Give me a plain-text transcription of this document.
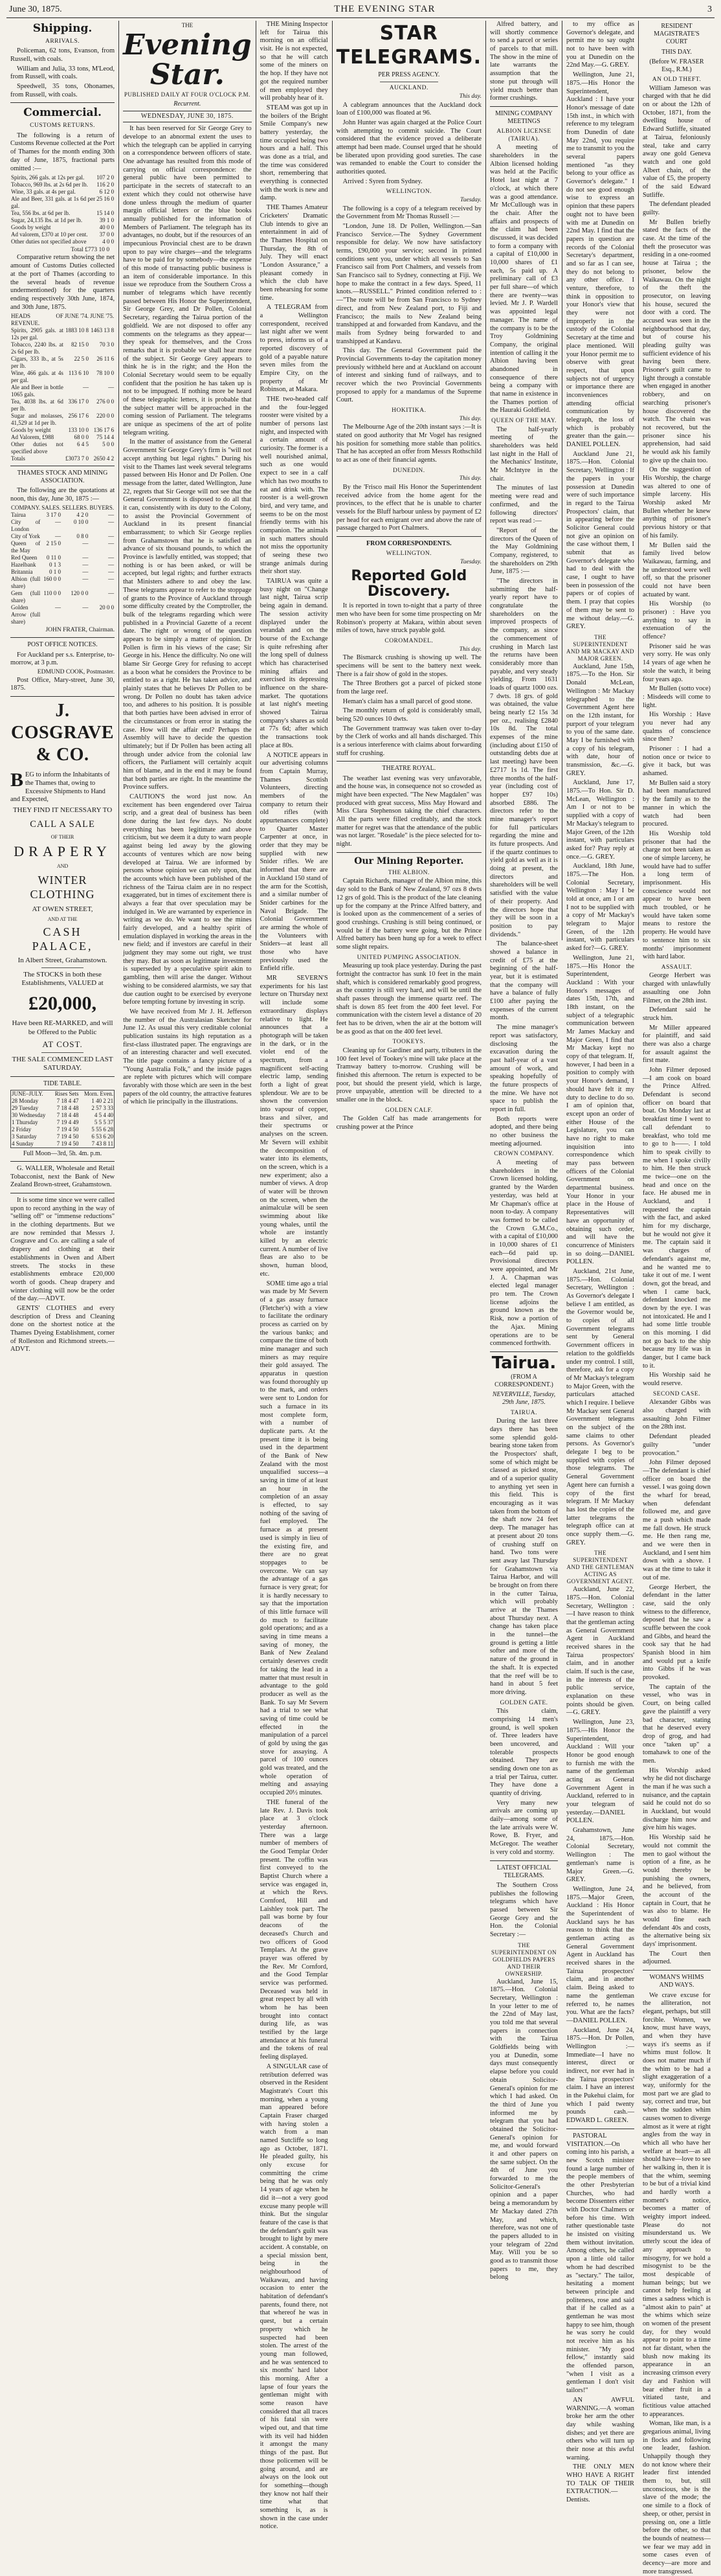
June 30, 1875.	THE EVENING STAR	3
Shipping.
ARRIVALS.

Policeman, 62 tons, Evanson, from Russell, with coals.

William and Julia, 33 tons, M'Leod, from Russell, with coals.

Speedwell, 35 tons, Ohonames, from Russell, with coals.

Commercial.
CUSTOMS RETURNS.

The following is a return of Customs Revenue collected at the Port of Thames for the month ending 30th day of June, 1875, fractional parts omitted :—

Spirits, 266 gals. at 12s per gal.	107 2 0
Tobacco, 969 lbs. at 2s 6d per lb.	116 2 0
Wine, 33 gals. at 4s per gal.	6 12 0
Ale and Beer, 331 gals. at 1s 6d per gal.	25 16 0
Tea, 556 lbs. at 6d per lb.	15 14 0
Sugar, 24,135 lbs. at 1d per lb.	39 1 0
Goods by weight	40 0 0
Ad valorem, £370 at 10 per cent.	37 0 0
Other duties not specified above	4 0 0
Total £773 10 0

Comparative return showing the net amount of Customs Duties collected at the port of Thames (according to the several heads of revenue undermentioned) for the quarters ending respectively 30th June, 1874, and 30th June, 1875.

HEADS OF REVENUE.	JUNE '74.	JUNE '75.
Spirits, 2905 gals. at 12s per gal.	1883 10 8	1463 13 8
Tobacco, 2240 lbs. at 2s 6d per lb.	82 15 0	70 3 0
Cigars, 333 lb., at 5s per lb.	22 5 0	26 11 6
Wine, 466 gals. at 4s per gal.	113 6 10	78 10 0
Ale and Beer in bottle 1065 gals.	—	—
Tea, 4038 lbs. at 6d per lb.	336 17 0	276 0 0
Sugar and molasses, 41,529 at 1d per lb.	256 17 6	220 0 0
Goods by weight	133 10 0	136 17 6
Ad Valorem, £988	68 0 0	75 14 4
Other duties not specified above	6 4 5	5 0 0
Totals	£3073 7 0	2650 4 2
THAMES STOCK AND MINING ASSOCIATION.

The following are the quotations at noon, this day, June 30, 1875 :—

COMPANY.	SALES.	SELLERS.	BUYERS.
Tairua	3 17 0	4 2 0	—
City of London	—	0 10 0	—
City of York	—	0 8 0	—
Queen of the May	2 15 0	—	—
Red Queen	0 11 0	—	—
Hazelbank	0 1 3	—	—
Britannia	0 1 0	—	—
Albion (full share)	160 0 0	—	—
Gem (full share)	110 0 0	120 0 0	—
Golden Arrow (full share)	—	—	20 0 0
JOHN FRATER, Chairman.
POST OFFICE NOTICES.

For Auckland per s.s. Enterprise, to-morrow, at 3 p.m.

EDMUND COOK, Postmaster.

Post Office, Mary-street, June 30, 1875.

J. COSGRAVE & CO.

BEG to inform the Inhabitants of the Thames that, owing to Excessive Shipments to Hand and Expected,

THEY FIND IT NECESSARY TO
CALL A SALE
OF THEIR
DRAPERY
AND
WINTER CLOTHING
AT OWEN STREET,
AND AT THE
CASH PALACE,
In Albert Street, Grahamstown.
The STOCKS in both these Establishments, VALUED at
£20,000,
Have been RE-MARKED, and will be Offered to the Public
AT COST.
THE SALE COMMENCED LAST SATURDAY.
TIDE TABLE.
JUNE–JULY.	Rises Sets	Morn. Even.
28 Monday	7 18 4 47	1 40 2 21
29 Tuesday	7 18 4 48	2 57 3 33
30 Wednesday	7 18 4 48	4 5 4 40
1 Thursday	7 19 4 49	5 5 5 37
2 Friday	7 19 4 50	5 55 6 28
3 Saturday	7 19 4 50	6 53 6 20
4 Sunday	7 19 4 50	7 43 8 11
Full Moon—3rd, 5h. 4m. p.m.

G. WALLER, Wholesale and Retail Tobacconist, next the Bank of New Zealand Brown-street, Grahamstown.

It is some time since we were called upon to record anything in the way of "selling off" or "immense reductions" in the clothing departments. But we are now reminded that Messrs J. Cosgrave and Co. are calling a sale of drapery and clothing at their establishments in Owen and Albert streets. The stocks in these establishments embrace £20,000 worth of goods. Cheap drapery and winter clothing will now be the order of the day.—ADVT.

GENTS' CLOTHES and every description of Dress and Cleaning done on the shortest notice at the Thames Dyeing Establishment, corner of Rolleston and Richmond streets.—ADVT.

THE
Evening Star.
PUBLISHED DAILY AT FOUR O'CLOCK P.M.
Recurrent.
WEDNESDAY, JUNE 30, 1875.

It has been reserved for Sir George Grey to develope to an abnormal extent the uses to which the telegraph can be applied in carrying on a correspondence between officers of state. One advantage has resulted from this mode of carrying on official correspondence: the general public have been permitted to participate in the secrets of statecraft to an extent which they could not otherwise have done unless through the medium of quarter margin official letters or the blue books annually published for the information of Members of Parliament. The telegraph has its advantages, no doubt, but if the resources of an impecunious Provincial chest are to be drawn upon to pay wire charges—and the telegrams have to be paid for by somebody—the expense of this mode of transacting public business is an item of considerable importance. In this issue we reproduce from the Southern Cross a number of telegrams which have recently passed between His Honor the Superintendent, Sir George Grey, and Dr Pollen, Colonial Secretary, regarding the Tairua portion of the goldfield. We are not disposed to offer any comments on the telegrams as they appear—they speak for themselves, and the Cross remarks that it is probable we shall hear more of the subject. Sir George Grey appears to think he is in the right; and the Hon the Colonial Secretary would seem to be equally confident that the position he has taken up is not to be impugned. If nothing more be heard of these telegraphic letters, it is probable that the subject matter will be approached in the coming session of Parliament. The telegrams are unique as specimens of the art of polite telegram writing.

In the matter of assistance from the General Government Sir George Grey's firm is "will not accept anything but legal rights." During his visit to the Thames last week several telegrams passed between His Honor and Dr Pollen. One message from the latter, dated Wellington, June 22, regrets that Sir George will not see that the General Government is disposed to do all that it can, consistently with its duty to the Colony, to assist the Provincial Government of Auckland in its present financial embarrassment; to which Sir George replies from Grahamstown that he is satisfied an advance of six thousand pounds, to which the Province is lawfully entitled, was stopped; that nothing is or has been asked, or will be accepted, but legal rights; and further extracts that Ministers adhere to and obey the law. These telegrams appear to refer to the stoppage of grants to the Province of Auckland through some difficulty created by the Comptroller, the bulk of the telegrams regarding which were published in a Provincial Gazette of a recent date. The right or wrong of the question appears to be simply a matter of opinion. Dr Pollen is firm in his views of the case; Sir George in his. Hence the difficulty. No one will blame Sir George Grey for refusing to accept as a boon what he considers the Province to be entitled to as a right. He has taken advice, and plainly states that he believes Dr Pollen to be wrong. Dr Pollen no doubt has taken advice too, and adheres to his position. It is possible that both parties have been advised in error of the circumstances or from error in stating the case. How will the affair end? Perhaps the Assembly will have to decide the question ultimately; but if Dr Pollen has been acting all through under advice from the colonial law officers, the Parliament will certainly acquit him of blame, and in the end it may be found that both parties are right. In the meantime the Province suffers.

CAUTION'S the word just now. An excitement has been engendered over Tairua scrip, and a great deal of business has been done during the last few days. No doubt everything has been legitimate and above criticism, but we deem it a duty to warn people against being led away by the glowing accounts of ventures which are now being developed at Tairua. We are informed by persons whose opinion we can rely upon, that the accounts which have been published of the richness of the Tairua claim are in no respect exaggerated, but in times of excitement there is always a fear that over speculation may be indulged in. We are warranted by experience in writing as we do. We want to see the mines fairly developed, and a healthy spirit of emulation displayed in working the areas in the new field; and if investors are careful in their judgment they may some out right, we trust they may. But as soon as legitimate investment is superseded by a speculative spirit akin to gambling, then will arise the danger. Without wishing to be considered alarmists, we say that due caution ought to be exercised by everyone before tempting fortune by investing in scrip.

We have received from Mr J. H. Jefferson the number of the Australasian Sketcher for June 12. As usual this very creditable colonial publication sustains its high reputation as a first-class illustrated paper. The engravings are of an interesting character and well executed. The title page contains a fancy picture of a "Young Australia Folk," and the inside pages are replete with pictures which will compare favorably with those which are seen in the best papers of the old country, the attractive features of which lie principally in the illustrations.

THE Mining Inspector left for Tairua this morning on an official visit. He is not expected, so that he will catch some of the miners on the hop. If they have not got the required number of men employed they will probably hear of it.

STEAM was got up in the boilers of the Bright Smile Company's new battery yesterday, the time occupied being two hours and a half. This was done as a trial, and the time was considered short, remembering that everything is connected with the work is new and damp.

THE Thames Amateur Cricketers' Dramatic Club intends to give an entertainment in aid of the Thames Hospital on Thursday, the 8th of July. They will enact "London Assurance," a pleasant comedy in which the club have been rehearsing for some time.

A TELEGRAM from a Wellington correspondent, received last night after we went to press, informs us of a reported discovery of gold of a payable nature seven miles from the Empire City, on the property of Mr Robinson, at Makara.

THE two-headed calf and the four-legged rooster were visited by a number of persons last night, and inspected with a certain amount of curiosity. The former is a well nourished animal, such as one would expect to see in a calf which has two mouths to eat and drink with. The rooster is a well-grown bird, and very tame, and seems to be on the most friendly terms with his companion. The animals in such matters should not miss the opportunity of seeing these two strange animals during their short stay.

TAIRUA was quite a busy night on "Change last night, Tairua scrip being again in demand. The session activity displayed under the verandah and on the bourse of the Exchange is quite refreshing after the long spell of dulness which has characterised mining affairs and exercised its depressing influence on the share-market. The quotations at last night's meeting showed Tairua company's shares as sold at 77s 6d; after which the transactions took place at 80s.

A NOTICE appears in our advertising columns from Captain Murray, Thames Scottish Volunteers, directing members of the company to return their old rifles (with appurtenances complete) to Quarter Master Carpenter at once, in order that they may be supplied with new Snider rifles. We are informed that there are in Auckland 150 stand of the arm for the Scottish, and a similar number of Snider carbines for the Naval Brigade. The Colonial Government are arming the whole of the Volunteers with Sniders—at least all those who have previously used the Enfield rifle.

MR SEVERN'S experiments for his last lecture on Thursday next will include some extraordinary displays relative to light. He announces that a photograph will be taken in the dark, or in the violet end of the spectrum, from a magnificent self-acting electric lamp, sending forth a light of great splendour. We are to be shown the conversion into vapour of copper, brass and silver, and their spectrums or analyses on the screen. Mr Severn will exhibit the decomposition of water into its elements, on the screen, which is a new experiment; also a number of views. A drop of water will be thrown on the screen, when the animalculæ will be seen swimming about like young whales, until the whole are instantly killed by an electric current. A number of live fleas are also to be shown, human blood, etc.

SOME time ago a trial was made by Mr Severn of a gas assay furnace (Fletcher's) with a view to facilitate the ordinary process as carried on by the various banks; and compare the time of both mine manager and such miners as may require their gold assayed. The apparatus in question was found thoroughly up to the mark, and orders were sent to London for such a furnace in its most complete form, with a number of duplicate parts. At the present time it is being used in the department of the Bank of New Zealand with the most unqualified success—a saving in time of at least an hour in the completion of an assay is effected, to say nothing of the saving of fuel employed. The furnace as at present used is simply in lieu of the existing fire, and there are no great stoppages to be overcome. We can say the advantage of a gas furnace is very great; for it is hardly necessary to say that the importation of this little furnace will do much to facilitate gold operations; and as a saving in time means a saving of money, the Bank of New Zealand certainly deserves credit for taking the lead in a matter that must result in advantage to the gold producer as well as the Bank. To say Mr Severn had a trial to see what saving of time could be effected in the manipulation of a parcel of gold by using the gas stove for assaying. A parcel of 100 ounces gold was treated, and the whole operation of melting and assaying occupied 20½ minutes.

THE funeral of the late Rev. J. Davis took place at 3 o'clock yesterday afternoon. There was a large number of members of the Good Templar Order present. The coffin was first conveyed to the Baptist Church where a service was engaged in, at which the Revs. Cornford, Hill and Laishley took part. The pall was borne by four deacons of the deceased's Church and two officers of Good Templars. At the grave prayer was offered by the Rev. Mr Cornford, and the Good Templar service was performed. Deceased was held in great respect by all with whom he has been brought into contact during life, as was testified by the large attendance at his funeral and the tokens of real feeling displayed.

A SINGULAR case of retribution deferred was observed in the Resident Magistrate's Court this morning, when a young man appeared before Captain Fraser charged with having stolen a watch from a man named Sutcliffe so long ago as October, 1871. He pleaded guilty, his only excuse for committing the crime being that he was only 14 years of age when he did it—not a very good excuse many people will think. But the singular feature of the case is that the defendant's guilt was brought to light by mere accident. A constable, on a special mission bent, being in the neighbourhood of Waikawau, and having occasion to enter the habitation of defendant's parents, found there, not that whereof he was in quest, but a certain property which he suspected had been stolen. The arrest of the young man followed, and he was sentenced to six months' hard labor this morning. After a lapse of four years the gentleman might with some reason have considered that all traces of his fatal sin were wiped out, and that time with its veil had hidden it amongst the many things of the past. But those policemen will be going around, and are always on the look out for something—though they know not half their time what that something is, as is shown in the case under notice.

STAR TELEGRAMS.
PER PRESS AGENCY.
AUCKLAND.
This day.

A cablegram announces that the Auckland dock loan of £100,000 was floated at 96.

John Hunter was again charged at the Police Court with attempting to commit suicide. The Court considered that the evidence proved a deliberate attempt had been made. Counsel urged that he should be liberated upon providing good sureties. The case was remanded to enable the Court to consider the authorities quoted.

Arrived : Syren from Sydney.

WELLINGTON.
Tuesday.

The following is a copy of a telegram received by the Government from Mr Thomas Russell :—

"London, June 18. Dr Pollen, Wellington.—San Francisco Service.—The Sydney Government responsible for delay. We now have satisfactory terms, £90,000 your service; second in printed conditions sent you, under which all vessels to San Francisco sail from Port Chalmers, and vessels from San Francisco sail to Sydney, connecting at Fiji. We hope to make the contract in a few days. Speed, 11 knots.—RUSSELL." Printed condition referred to :—"The route will be from San Francisco to Sydney direct, and from New Zealand port, to Fiji and Francisco; the mails to New Zealand being transhipped at and forwarded from Kandavu, and the mails from Sydney being forwarded to and transhipped at Kandavu.

This day. The General Government paid the Provincial Governments to-day the capitation money previously withheld here and at Auckland on account of interest and sinking fund of railways, and to recover which the two Provincial Governments proposed to apply for a mandamus of the Supreme Court.

HOKITIKA.
This day.

The Melbourne Age of the 20th instant says :—It is stated on good authority that Mr Vogel has resigned his position for something more stable than politics. That he has accepted an offer from Messrs Rothschild to act as one of their financial agents.

DUNEDIN.
This day.

By the 'Frisco mail His Honor the Superintendent received advice from the home agent for the provinces, to the effect that he is unable to charter vessels for the Bluff harbour unless by payment of £2 per head for each emigrant over and above the rate of passage charged to Port Chalmers.

FROM CORRESPONDENTS.
WELLINGTON.
Tuesday.
Reported Gold Discovery.

It is reported in town to-night that a party of three men who have been for some time prospecting on Mr Robinson's property at Makara, within about seven miles of town, have struck payable gold.

COROMANDEL.
This day.

The Bismarck crushing is showing up well. The specimens will be sent to the battery next week. There is a fair show of gold in the stopes.

The Three Brothers got a parcel of picked stone from the large reef.

Heman's claim has a small parcel of good stone.

The monthly return of gold is considerably small, being 520 ounces 10 dwts.

The Government tramway was taken over to-day by the Clerk of works and all hands discharged. This is a serious interference with claims about forwarding stuff for crushing.

THEATRE ROYAL.

The weather last evening was very unfavorable, and the house was, in consequence not so crowded as might have been expected. "The New Magdalen" was produced with great success, Miss May Howard and Miss Clara Stephenson taking the chief characters. All the parts were filled creditably, and the stock matter for regret was that the attendance of the public was not larger. "Rosedale" is the piece selected for to-night.

Our Mining Reporter.
THE ALBION.

Captain Richards, manager of the Albion mine, this day sold to the Bank of New Zealand, 97 ozs 8 dwts 12 grs of gold. This is the product of the late cleaning up for the company at the Prince Alfred battery, and is looked upon as the commencement of a series of good crushings. Crushing is still being continued, or would be if the battery were going, but the Prince Alfred battery has been hung up for a week to effect some slight repairs.

UNITED PUMPING ASSOCIATION.

Measuring up took place yesterday. During the past fortnight the contractor has sunk 10 feet in the main shaft, which is considered remarkably good progress, as the country is still very hard, and will be until the shaft passes through the immense quartz reef. The shaft is down 85 feet from the 400 feet level. For communication with the cistern level a distance of 20 feet has to be driven, when the air at the bottom will be as good as that on the 400 feet level.

TOOKEYS.

Cleaning up for Gardiner and party, tributers in the 100 feet level of Tookey's mine will take place at the Tramway battery to-morrow. Crushing will be finished this afternoon. The return is expected to be poor, but should the present yield, which is large, prove unpayable, attention will be directed to a smaller one in the block.

GOLDEN CALF.

The Golden Calf has made arrangements for crushing power at the Prince

Alfred battery, and will shortly commence to send a parcel or series of parcels to that mill. The show in the mine of late warrants the assumption that the stone put through will yield much better than former crushings.

MINING COMPANY MEETINGS
ALBION LICENSE (TAIRUA).

A meeting of shareholders in the Albion licensed holding was held at the Pacific Hotel last night at 7 o'clock, at which there was a good attendance. Mr McCullough was in the chair. After the affairs and prospects of the claim had been discussed, it was decided to form a company with a capital of £10,000 in 10,000 shares of £1 each, 5s paid up. A preliminary call of £3 per full share—of which there are twenty—was levied. Mr J. P. Wardell was appointed legal manager. The name of the company is to be the Troy Goldmining Company, the original intention of calling it the Albion having been abandoned in consequence of there being a company with that name in existence in the Thames portion of the Hauraki Goldfield.

QUEEN OF THE MAY.

The half-yearly meeting of the shareholders was held last night in the Hall of the Mechanics' Institute, Mr McIntyre in the chair.

The minutes of last meeting were read and confirmed, and the following directors' report was read :—

"Report of the directors of the Queen of the May Goldmining Company, registered, to the shareholders on 29th June, 1875 :—

"The directors in submitting the half-yearly report have to congratulate the shareholders on the improved prospects of the company, as since the commencement of crushing in March last the returns have been considerably more than payable, and very steady yielding. From 1631 loads of quartz 1000 ozs. 7 dwts. 18 grs. of gold was obtained, the value being nearly £2 15s 3d per oz., realising £2840 10s 8d. The total expenses of the mine (including about £150 of outstanding debts due at last meeting) have been £2717 1s 1d. The first three months of the half-year (including cost of hopper £97 10s) absorbed £886. The directors refer to the mine manager's report for full particulars regarding the mine and its future prospects. And if the quartz continues to yield gold as well as it is doing at present, the directors and shareholders will be well satisfied with the value of their property. And the directors hope that they will be soon in a position to pay dividends."

The balance-sheet showed a balance in credit of £75 at the beginning of the half-year, but it is estimated that the company will have a balance of fully £100 after paying the expenses of the current month.

The mine manager's report was satisfactory, disclosing the excavation during the past half-year of a vast amount of work, and speaking hopefully of the future prospects of the mine. We have not space to publish the report in full.

Both reports were adopted, and there being no other business the meeting adjourned.

CROWN COMPANY.

A meeting of shareholders in the Crown licensed holding, granted by the Warden yesterday, was held at Mr Chapman's office at noon to-day. A company was formed to be called the Crown G.M.Co., with a capital of £10,000 in 10,000 shares of £1 each—6d paid up. Provisional directors were appointed, and Mr J. A. Chapman was elected legal manager pro tem. The Crown license adjoins the ground known as the Risk, now a portion of the Ajax. Mining operations are to be commenced forthwith.

Tairua.
(FROM A CORRESPONDENT.)
NEVERVILLE, Tuesday, 29th June, 1875.
TAIRUA.

During the last three days there has been some splendid gold-bearing stone taken from the Prospectors' shaft, some of which might be classed as picked stone, and of a superior quality to anything yet seen in this field. This is encouraging as it was taken from the bottom of the shaft now 24 feet deep. The manager has at present about 20 tons of crushing stuff on hand. Two tons were sent away last Thursday for Grahamstown via Tairua Harbor, and will be brought on from there in the cutter Tairua, which will probably arrive at the Thames about Thursday next. A change has taken place in the tunnel—the ground is getting a little softer and more of the nature of the ground in the shaft. It is expected that the reef will be to hand in about 5 feet more driving.

GOLDEN GATE.

This claim, comprising 14 men's ground, is well spoken of. Three leaders have been uncovered, and tolerable prospects obtained. They are sending down one ton as a trial per Tairua, cutter. They have done a quantity of driving.

Very many new arrivals are coming up daily—among some of the late arrivals were W. Rowe, B. Fryer, and McGregor. The weather is very cold and stormy.

LATEST OFFICIAL TELEGRAMS.

The Southern Cross publishes the following telegrams which have passed between Sir George Grey and the Hon. the Colonial Secretary :—

THE SUPERINTENDENT ON GOLDFIELDS PAPERS AND THEIR OWNERSHIP.

Auckland, June 15, 1875.—Hon. Colonial Secretary, Wellington : In your letter to me of the 22nd of May last, you told me that several papers in connection with the Tairua Goldfields being with you at Dunedin, some days must consequently elapse before you could obtain Solicitor-General's opinion for me which I had asked. On the third of June you informed me by telegram that you had obtained the Solicitor-General's opinion for me, and would forward it and other papers on the same subject. On the 4th of June you forwarded to me the Solicitor-General's opinion and a paper being a memorandum by Mr Mackay dated 27th May, and which, therefore, was not one of the papers alluded to in your telegram of 22nd May. Will you be so good as to transmit those papers to me, they belong

to my office as Governor's delegate, and permit me to say ought not to have been with you at Dunedin on the 22nd May.—G. GREY.

Wellington, June 21, 1875.—His Honor the Superintendent, Auckland : I have your Honor's message of date 15th inst., in which with reference to my telegram from Dunedin of date May 22nd, you require me to transmit to you the several papers mentioned "as they belong to your office as Governor's delegate." I do not see good enough wise to express an opinion that these papers ought not to have been with me at Dunedin on 22nd May. I find that the papers in question are records of the Colonial Secretary's department, and so far as I can see, they do not belong to any other office. I venture, therefore, to think in opposition to your Honor's view that they were not improperly in the custody of the Colonial Secretary at the time and place mentioned. Will your Honor permit me to observe with great respect, that upon subjects not of urgency or importance there are inconveniences attending official communication by telegraph, the loss of which is probably greater than the gain.—DANIEL POLLEN.

Auckland June 21, 1875.—Hon. Colonial Secretary, Wellington : If the papers in your possession at Dunedin were of such importance in regard to the Tairua Prospectors' claim, that in appearing before the Solicitor General could not give an opinion on the case without them, I submit that as Governor's delegate who had to deal with the case, I ought to have been in possession of the papers or of copies of them. I pray that copies of them may be sent to me without delay.—G. GREY.

THE SUPERINTENDENT AND MR MACKAY AND MAJOR GREEN.

Auckland, June 15th, 1875.—To the Hon. Sir Donald McLean, Wellington : Mr Mackay telegraphed to the Government Agent here on the 12th instant, for purport of your telegram to you of the same date. May I be furnished with a copy of his telegram, with date, hour of transmission, &c.—G. GREY.

Auckland, June 17, 1875.—To Hon. Sir D. McLean, Wellington : Am I or not to be supplied with a copy of Mr Mackay's telegram to Major Green, of the 12th instant, with particulars asked for? Pray reply at once.—G. GREY.

Auckland, 18th June, 1875.—The Hon. Colonial Secretary, Wellington : May I be told at once, am I or am I not to be supplied with a copy of Mr Mackay's telegram to Major Green, of the 12th instant, with particulars asked for?—G. GREY.

Wellington, June 21, 1875.—His Honor the Superintendent, Auckland : With your Honor's messages of dates 15th, 17th, and 18th instant, on the subject of a telegraphic communication between Mr James Mackay and Major Green, I find that Mr Mackay kept no copy of that telegram. If, however, I had been in a position to comply with your Honor's demand, I should have felt it my duty to decline to do so. I am of opinion that, except upon an order of either House of the Legislature, you can have no right to make inquisition into correspondence which may pass between officers of the Colonial Government on departmental business. Your Honor in your place in the House of Representatives will have an opportunity of obtaining such order, and will have the concurrence of Ministers in so doing.—DANIEL POLLEN.

Auckland, 21st June, 1875.—Hon. Colonial Secretary, Wellington : As Governor's delegate I believe I am entitled, as the Governor would be, to copies of all Government telegrams sent by General Government officers in relation to the goldfields under my control. I still, therefore, ask for a copy of Mr Mackay's telegram to Major Green, with the particulars attached which I require. I believe Mr Mackay sent General Government telegrams on the subject of the same claims to other persons. As Governor's delegate I beg to be supplied with copies of those telegrams. The General Government Agent here can furnish a copy of the first telegram. If Mr Mackay has lost the copies of the latter telegrams the telegraph office can at once supply them.—G. GREY.

THE SUPERINTENDENT AND THE GENTLEMAN ACTING AS GOVERNMENT AGENT.

Auckland, June 22, 1875.—Hon. Colonial Secretary, Wellington :—I have reason to think that the gentleman acting as General Government Agent in Auckland received shares in the Tairua prospectors' claim, and in another claim. If such is the case, in the interests of the public service, explanation on these points should be given.—G. GREY.

Wellington, June 23, 1875.—His Honor the Superintendent, Auckland : Will your Honor be good enough to furnish me with the name of the gentleman acting as General Government Agent in Auckland, referred to in your telegram of yesterday.—DANIEL POLLEN.

Grahamstown, June 24, 1875.—Hon. Colonial Secretary, Wellington : The gentleman's name is Major Green.—G. GREY.

Wellington, June 24, 1875.—Major Green, Auckland : His Honor the Superintendent of Auckland says he has reason to think that the gentleman acting as General Government Agent in Auckland has received shares in the Tairua prospectors' claim, and in another claim. Being asked to name the gentleman referred to, he names you. What are the facts?—DANIEL POLLEN.

Auckland, June 24, 1875.—Hon. Dr Pollen, Wellington :—Immediate—I have no interest, direct or indirect, nor ever had in the Tairua prospectors' claim. I have an interest in the Pukehui claim, for which I paid twenty pounds cash.—EDWARD L. GREEN.

PASTORAL VISITATION.—On coming into his parish, a new Scotch minister found a large number of the people members of the other Presbyterian Churches, who had become Dissenters either with Doctor Chalmers or before his time. With rather questionable taste he insisted on visiting them without invitation. Among others, he called upon a little old tailor whom he had described as "sectary." The tailor, hesitating a moment between principle and politeness, rose and said that if he called as a gentleman he was most happy to see him, though he was sorry he could not receive him as his minister. "My good fellow," instantly said the offended parson, "when I visit as a gentleman I don't visit tailors!"

AN AWFUL WARNING.—A woman broke her arm the other day while washing dishes; and yet there are others who will turn up their nose at this awful warning.

THE ONLY MEN WHO HAVE A RIGHT TO TALK OF THEIR EXTRACTION.—Dentists.

RESIDENT MAGISTRATE'S COURT
THIS DAY.
(Before W. FRASER Esq., R.M.)
AN OLD THEFT.

William Jameson was charged with that he did on or about the 12th of October, 1871, from the dwelling house of Edward Sutliffe, situated at Tairua, feloniously steal, take and carry away one gold Geneva watch and one gold Albert chain, of the value of £5, the property of the said Edward Sutliffe.

The defendant pleaded guilty.

Mr Bullen briefly stated the facts of the case. At the time of the theft the prosecutor was residing in a one-roomed house at Tairua ; the prisoner, below the Waikawau. On the night of the theft the prosecutor, on leaving his house, secured the door with a cord. The accused was seen in the neighbourhood that day, but of course his pleading guilty was sufficient evidence of his having been there. Prisoner's guilt came to light through a constable when engaged in another robbery, and on searching prisoner's house discovered the watch. The chain was not recovered, but the prisoner since his apprehension, had said he would ask his family to give up the chain too.

On the suggestion of His Worship, the charge was altered to one of simple larceny. His Worship asked Mr Bullen whether he knew anything of prisoner's previous history or that of his family.

Mr Bullen said the family lived below Waikawau, farming, and he understood were well off, so that the prisoner could not have been actuated by want.

His Worship (to prisoner) : Have you anything to say in extenuation of the offence?

Prisoner said he was very sorry. He was only 14 years of age when he stole the watch, it being four years ago.

Mr Bullen (sotto voce) : Misdeeds will come to light.

His Worship : Have you never had any qualms of conscience since then?

Prisoner : I had a notion once or twice to give it back, but was ashamed.

Mr Bullen said a story had been manufactured by the family as to the manner in which the watch had been procured.

His Worship told prisoner that had the charge not been taken as one of simple larceny, he would have had to suffer a long term of imprisonment. His conscience would not appear to have been much troubled, or he would have taken some means to restore the property. He would have to sentence him to six months' imprisonment with hard labor.

ASSAULT.

George Herbert was charged with unlawfully assaulting one John Filmer, on the 28th inst.

Defendant said he struck him.

Mr Miller appeared for plaintiff, and said there was also a charge for assault against the first mate.

John Filmer deposed—I am cook on board the Prince Alfred. Defendant is second officer on board that boat. On Monday last at breakfast time I went to call defendant to breakfast, who told me to go to h——. I told him to speak civilly to me when I spoke civilly to him. He then struck me twice—one on the head and once on the face. He abused me in Auckland, and I requested the captain with the fact, and asked him for my discharge, but he would not give it me. The captain said it was charges of defendant's against me, and he wanted me to take it out of me. I went down, got the bread, and when I came back, defendant knocked me down by the eye. I was not intoxicated. He and I had some little trouble on this morning. I did not go back to the ship because my life was in danger, but I came back to it.

His Worship said he would reserve.

SECOND CASE.

Alexander Gibbs was also charged with assaulting John Filmer on the 28th inst.

Defendant pleaded guilty "under provocation."

John Filmer deposed—The defendant is chief officer on board the vessel. I was going down the wharf for bread, when defendant followed me, and gave me a push which made me fall down. He struck me. He then rang me, and we were then in Auckland, and I sent him down with a shove. I was at the time to take it out of me.

George Herbert, the defendant in the latter case, said the only witness to the difference, deposed that he saw a scuffle between the cook and Gibbs, and heard the cook say that he had Spanish blood in him and would put a knife into Gibbs if he was provoked.

The captain of the vessel, who was in Court, on being called gave the plaintiff a very bad character, stating that he deserved every drop of grog, and had once "taken up" a tomahawk to one of the men.

His Worship asked why he did not discharge the man if he was such a nuisance, and the captain said he could not do so in Auckland, but would discharge him now and give him his wages.

His Worship said he would not commit the men to gaol without the option of a fine, as he would thereby be punishing the owners, and he believed, from the account of the captain in Court, that he was also to blame. He would fine each defendant 40s and costs, the alternative being six days' imprisonment.

The Court then adjourned.

WOMAN'S WHIMS AND WAYS.

We crave excuse for the alliteration, not elegant, perhaps, but still forcible. Women, we know, must have ways, and when they have ways it's seems as if whims must follow. It does not matter much if the whim to be had a slight exaggeration of a way, uniformly for the most part we are glad to say, correct and true, but when the sudden whim causes women to diverge almost as it were at right angles from the way in which all who have her welfare at heart—as all should have—love to see her walking in, then it is that the whim, seeming to be but of a trivial kind and hardly worth a moment's notice, becomes a matter of weighty import indeed. Please do not misunderstand us. We utterly scout the idea of any approach to misogyny, for we hold a misogynist to be the most despicable of human beings; but we cannot help feeling at times a sadness which is "almost akin to pain" at the whims which seize on women of the present day, for they would appear to point to a time not far distant, when the blush now making its appearance in an increasing crimson every day and Fashion will bear either fruit in a vitiated taste, and fictitious value attached to appearances.

Woman, like man, is a gregarious animal, living in flocks and following one leader, fashion. Unhappily though they do not know where their leader first intended them to, but, still unconscious, she is the slave of the mode; the one simile to a flock of sheep, or other, persist in pressing on, one a little before the other, so that the bounds of neatness—we fear we may add in some cases even of decency—are more and more transgressed.
